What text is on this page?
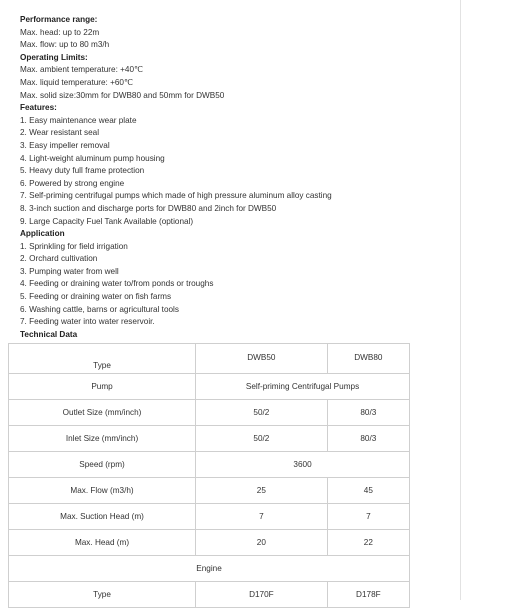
Performance range:
Max. head: up to 22m
Max. flow: up to 80 m3/h
Operating Limits:
Max. ambient temperature: +40℃
Max. liquid temperature: +60℃
Max. solid size:30mm for DWB80 and 50mm for DWB50
Features:
1. Easy maintenance wear plate
2. Wear resistant seal
3. Easy impeller removal
4. Light-weight aluminum pump housing
5. Heavy duty full frame protection
6. Powered by strong engine
7. Self-priming centrifugal pumps which made of high pressure aluminum alloy casting
8. 3-inch suction and discharge ports for DWB80 and 2inch for DWB50
9. Large Capacity Fuel Tank Available (optional)
Application
1. Sprinkling for field irrigation
2. Orchard cultivation
3. Pumping water from well
4. Feeding or draining water to/from ponds or troughs
5. Feeding or draining water on fish farms
6. Washing cattle, barns or agricultural tools
7. Feeding water into water reservoir.
Technical Data
Type	DWB50	DWB80
Pump	Self-priming Centrifugal Pumps	
Outlet Size (mm/inch)	50/2	80/3
Inlet Size (mm/inch)	50/2	80/3
Speed (rpm)	3600	
Max. Flow (m3/h)	25	45
Max. Suction Head (m)	7	7
Max. Head (m)	20	22
Engine		
Type	D170F	D178F
